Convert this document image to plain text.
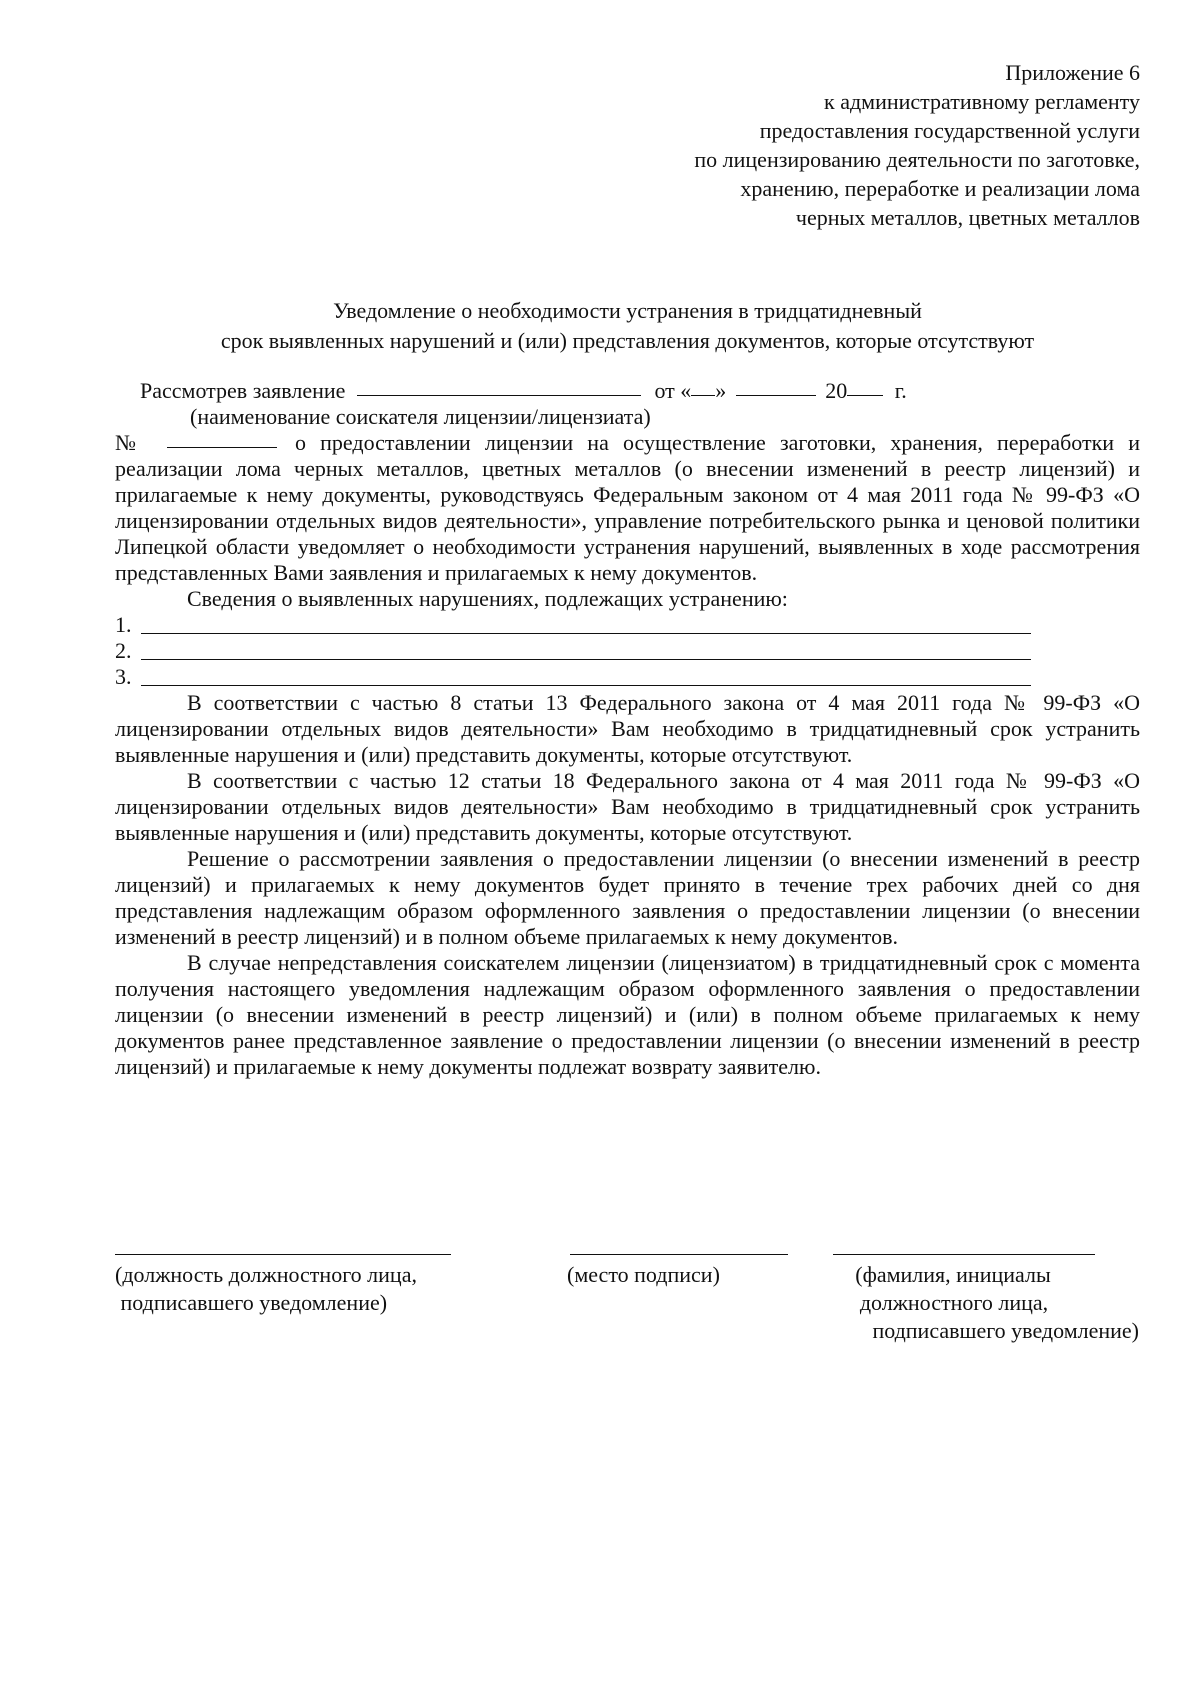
Приложение 6
к административному регламенту
предоставления государственной услуги
по лицензированию деятельности по заготовке,
хранению, переработке и реализации лома
черных металлов, цветных металлов
Уведомление о необходимости устранения в тридцатидневный
срок выявленных нарушений и (или) представления документов, которые отсутствуют
Рассмотрев заявление	от « »	20 г.
(наименование соискателя лицензии/лицензиата)
№	о предоставлении лицензии на осуществление заготовки, хранения, переработки и реализации лома черных металлов, цветных металлов (о внесении изменений в реестр лицензий) и прилагаемые к нему документы, руководствуясь Федеральным законом от 4 мая 2011 года № 99-ФЗ «О лицензировании отдельных видов деятельности», управление потребительского рынка и ценовой политики Липецкой области уведомляет о необходимости устранения нарушений, выявленных в ходе рассмотрения представленных Вами заявления и прилагаемых к нему документов.
Сведения о выявленных нарушениях, подлежащих устранению:
1.
2.
3.
В соответствии с частью 8 статьи 13 Федерального закона от 4 мая 2011 года № 99-ФЗ «О лицензировании отдельных видов деятельности» Вам необходимо в тридцатидневный срок устранить выявленные нарушения и (или) представить документы, которые отсутствуют.
В соответствии с частью 12 статьи 18 Федерального закона от 4 мая 2011 года № 99-ФЗ «О лицензировании отдельных видов деятельности» Вам необходимо в тридцатидневный срок устранить выявленные нарушения и (или) представить документы, которые отсутствуют.
Решение о рассмотрении заявления о предоставлении лицензии (о внесении изменений в реестр лицензий) и прилагаемых к нему документов будет принято в течение трех рабочих дней со дня представления надлежащим образом оформленного заявления о предоставлении лицензии (о внесении изменений в реестр лицензий) и в полном объеме прилагаемых к нему документов.
В случае непредставления соискателем лицензии (лицензиатом) в тридцатидневный срок с момента получения настоящего уведомления надлежащим образом оформленного заявления о предоставлении лицензии (о внесении изменений в реестр лицензий) и (или) в полном объеме прилагаемых к нему документов ранее представленное заявление о предоставлении лицензии (о внесении изменений в реестр лицензий) и прилагаемые к нему документы подлежат возврату заявителю.
(должность должностного лица,
подписавшего уведомление)
(место подписи)	(фамилия, инициалы
должностного лица,
подписавшего уведомление)
